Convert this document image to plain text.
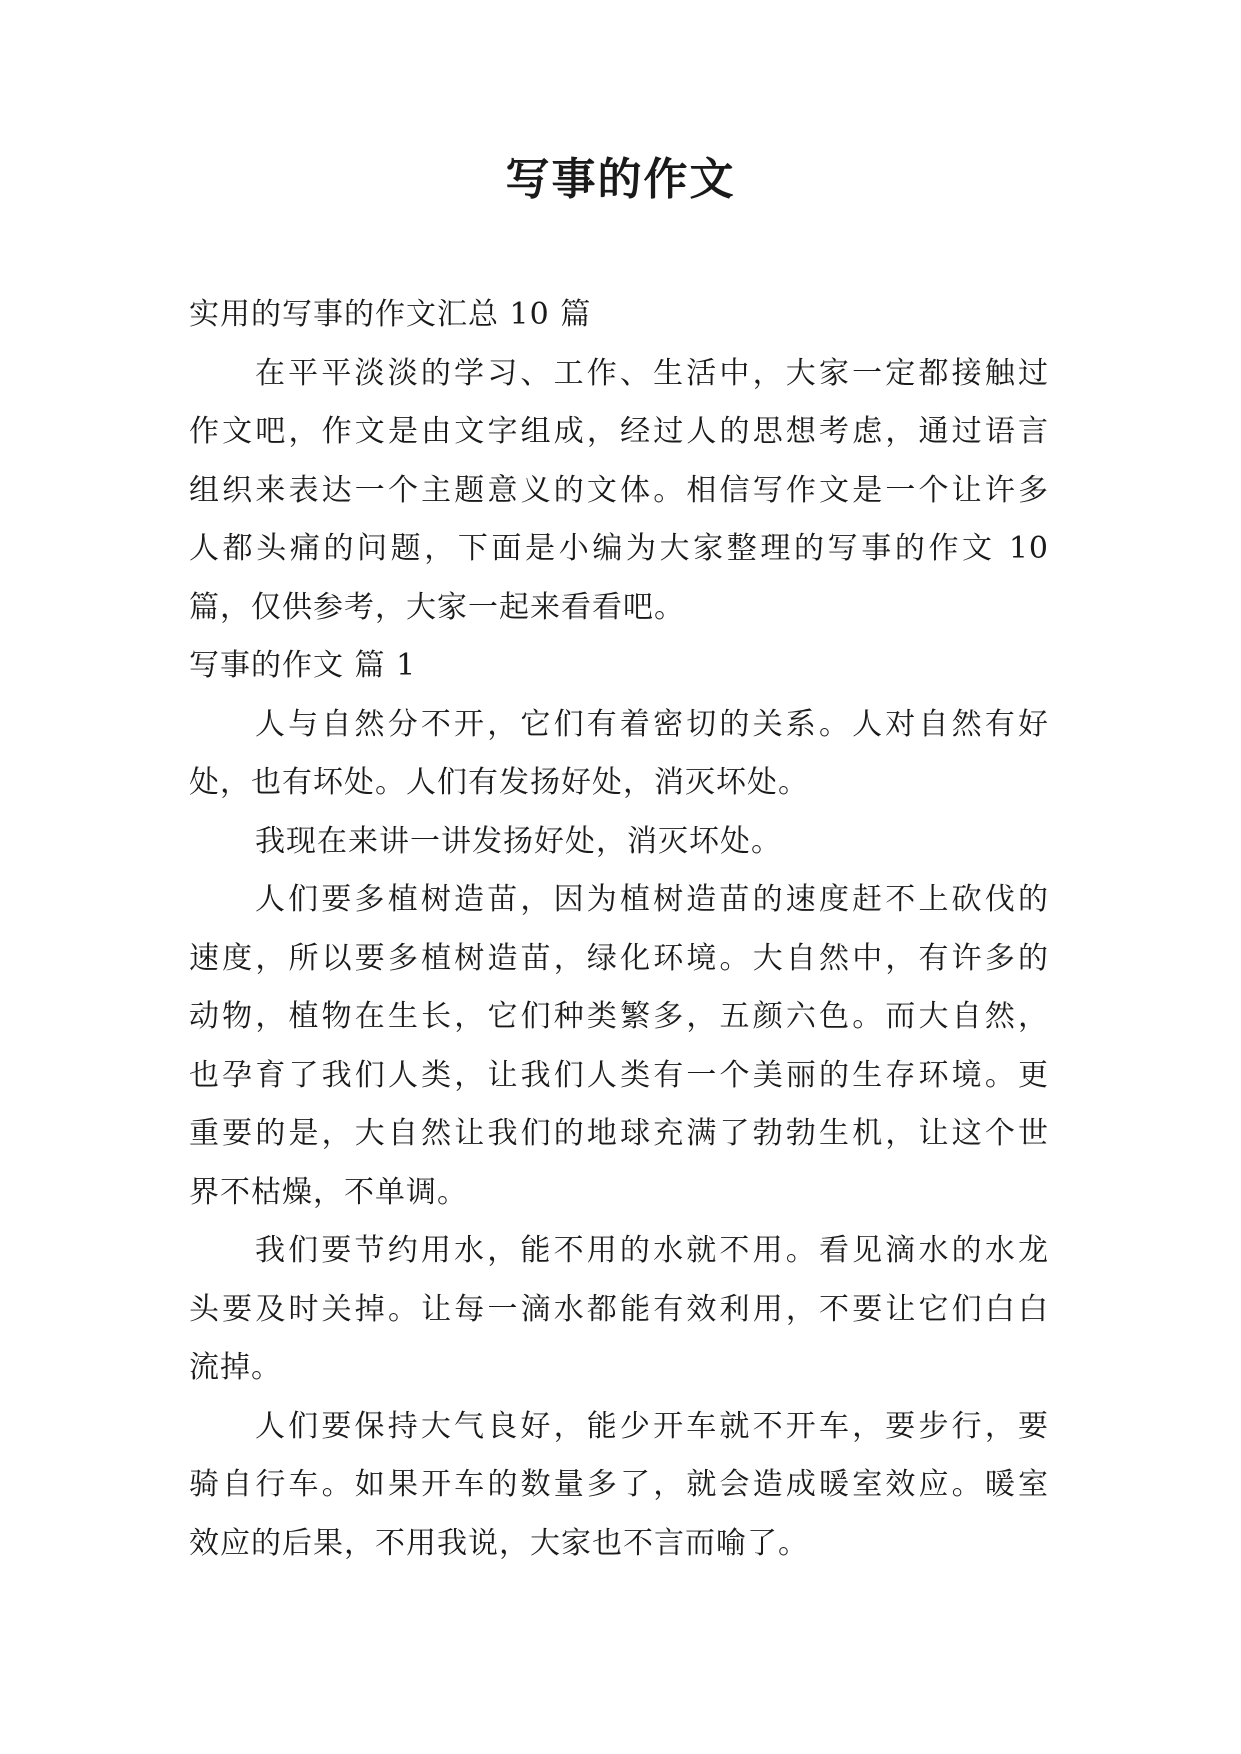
写事的作文
实用的写事的作文汇总 10 篇
在平平淡淡的学习、工作、生活中，大家一定都接触过
作文吧，作文是由文字组成，经过人的思想考虑，通过语言
组织来表达一个主题意义的文体。相信写作文是一个让许多
人都头痛的问题，下面是小编为大家整理的写事的作文 10
篇，仅供参考，大家一起来看看吧。
写事的作文 篇 1
人与自然分不开，它们有着密切的关系。人对自然有好
处，也有坏处。人们有发扬好处，消灭坏处。
我现在来讲一讲发扬好处，消灭坏处。
人们要多植树造苗，因为植树造苗的速度赶不上砍伐的
速度，所以要多植树造苗，绿化环境。大自然中，有许多的
动物，植物在生长，它们种类繁多，五颜六色。而大自然，
也孕育了我们人类，让我们人类有一个美丽的生存环境。更
重要的是，大自然让我们的地球充满了勃勃生机，让这个世
界不枯燥，不单调。
我们要节约用水，能不用的水就不用。看见滴水的水龙
头要及时关掉。让每一滴水都能有效利用，不要让它们白白
流掉。
人们要保持大气良好，能少开车就不开车，要步行，要
骑自行车。如果开车的数量多了，就会造成暖室效应。暖室
效应的后果，不用我说，大家也不言而喻了。
